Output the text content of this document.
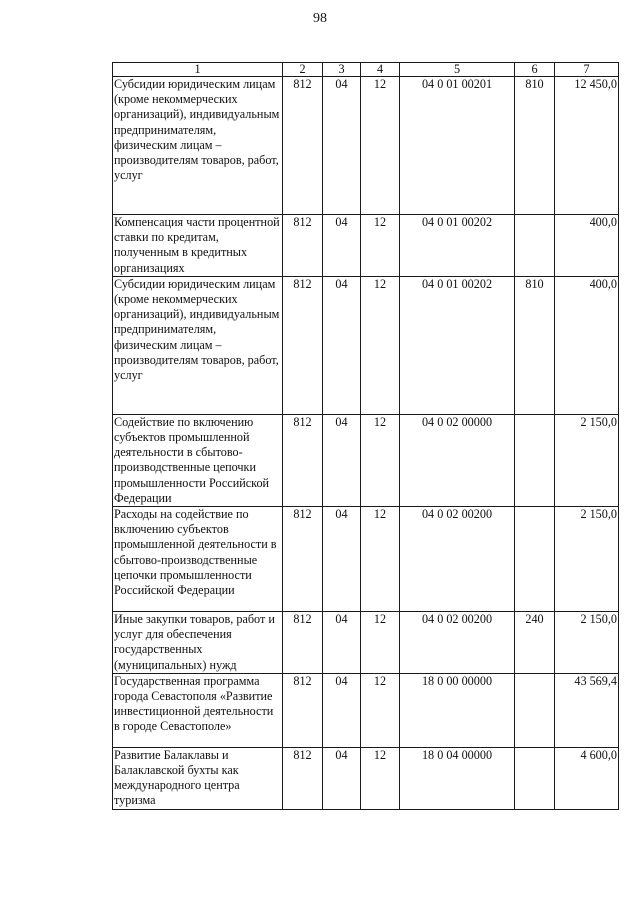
98
1	2	3	4	5	6	7
Субсидии юридическим лицам (кроме некоммерческих организаций), индивидуальным предпринимателям, физическим лицам – производителям товаров, работ, услуг	812	04	12	04 0 01 00201	810	12 450,0
Компенсация части процентной ставки по кредитам, полученным в кредитных организациях	812	04	12	04 0 01 00202		400,0
Субсидии юридическим лицам (кроме некоммерческих организаций), индивидуальным предпринимателям, физическим лицам – производителям товаров, работ, услуг	812	04	12	04 0 01 00202	810	400,0
Содействие по включению субъектов промышленной деятельности в сбытово-производственные цепочки промышленности Российской Федерации	812	04	12	04 0 02 00000		2 150,0
Расходы на содействие по включению субъектов промышленной деятельности в сбытово-производственные цепочки промышленности Российской Федерации	812	04	12	04 0 02 00200		2 150,0
Иные закупки товаров, работ и услуг для обеспечения государственных (муниципальных) нужд	812	04	12	04 0 02 00200	240	2 150,0
Государственная программа города Севастополя «Развитие инвестиционной деятельности в городе Севастополе»	812	04	12	18 0 00 00000		43 569,4
Развитие Балаклавы и Балаклавской бухты как международного центра туризма	812	04	12	18 0 04 00000		4 600,0
